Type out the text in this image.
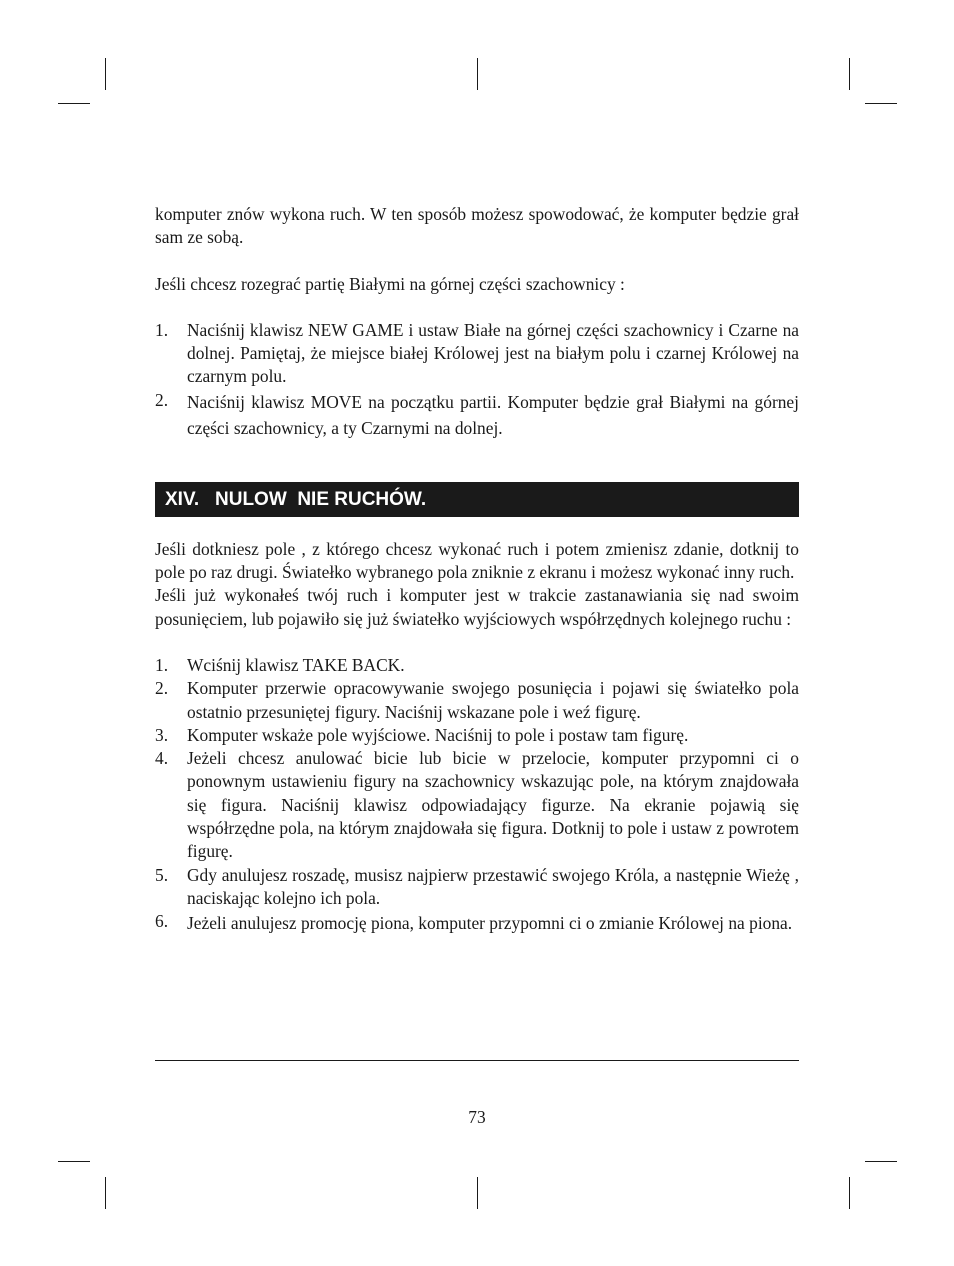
komputer znów wykona ruch. W ten sposób możesz spowodować, że komputer będzie grał sam ze sobą.

Jeśli chcesz rozegrać partię Białymi na górnej części szachownicy :

1.	Naciśnij klawisz NEW GAME i ustaw Białe na górnej części szachownicy i Czarne na dolnej. Pamiętaj, że miejsce białej Królowej jest na białym polu i czarnej Królowej na czarnym polu.
2.	Naciśnij klawisz MOVE na początku partii. Komputer będzie grał Białymi na górnej części szachownicy, a ty Czarnymi na dolnej.
XIV.   NULOW  NIE RUCHÓW.

Jeśli dotkniesz pole , z którego chcesz wykonać ruch i potem zmienisz zdanie, dotknij to pole po raz drugi. Światełko wybranego pola zniknie z ekranu i możesz wykonać inny ruch.

Jeśli już wykonałeś twój ruch i komputer jest w trakcie zastanawiania się nad swoim posunięciem, lub pojawiło się już światełko wyjściowych współrzędnych kolejnego ruchu :

1.	Wciśnij klawisz TAKE BACK.
2.	Komputer przerwie opracowywanie swojego posunięcia i pojawi się światełko pola ostatnio przesuniętej figury. Naciśnij wskazane pole i weź figurę.
3.	Komputer wskaże pole wyjściowe. Naciśnij to pole i postaw tam figurę.
4.	Jeżeli chcesz anulować bicie lub bicie w przelocie, komputer przypomni ci o ponownym ustawieniu figury na szachownicy wskazując pole, na którym znajdowała się figura. Naciśnij klawisz odpowiadający figurze. Na ekranie pojawią się współrzędne pola, na którym znajdowała się figura. Dotknij to pole i ustaw z powrotem figurę.
5.	Gdy anulujesz roszadę, musisz najpierw przestawić swojego Króla, a następnie Wieżę , naciskając kolejno ich pola.
6.	Jeżeli anulujesz promocję piona, komputer przypomni ci o zmianie Królowej na piona.
73
